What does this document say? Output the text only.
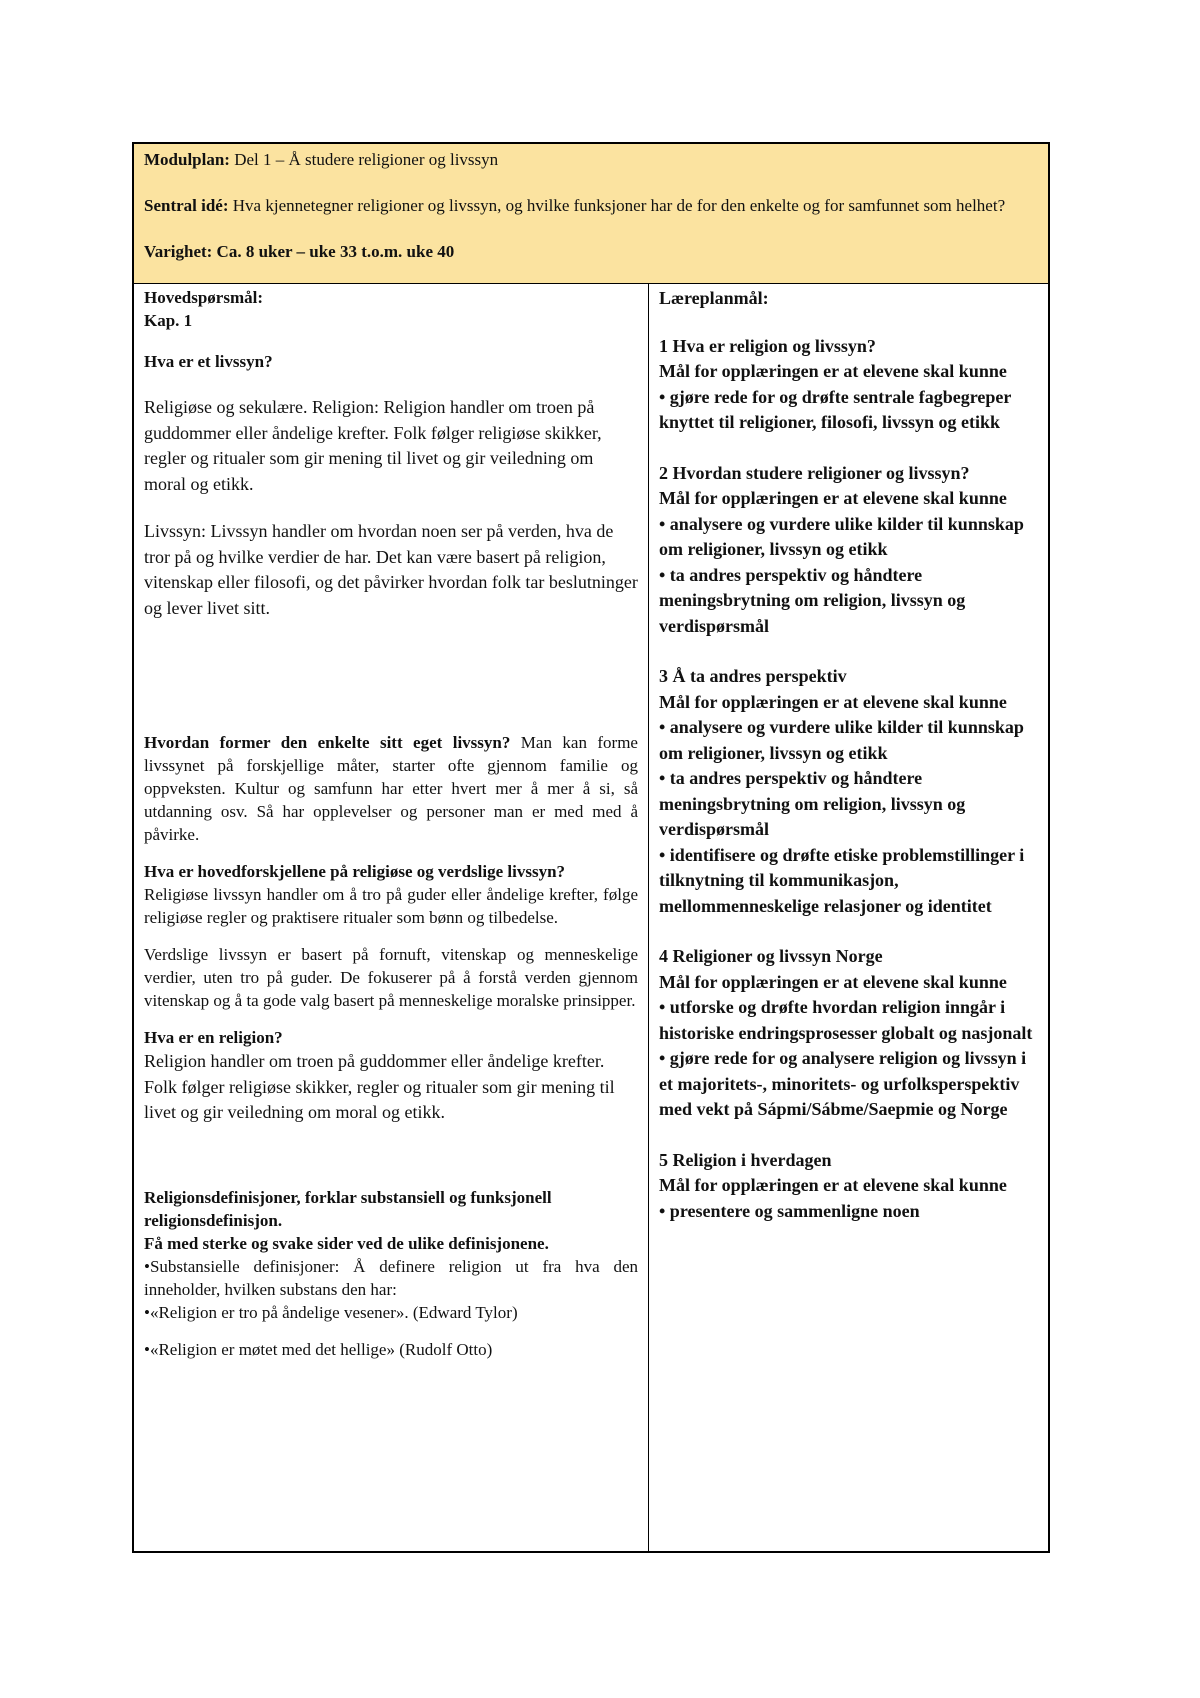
Modulplan: Del 1 – Å studere religioner og livssyn

Sentral idé: Hva kjennetegner religioner og livssyn, og hvilke funksjoner har de for den enkelte og for samfunnet som helhet?

Varighet: Ca. 8 uker – uke 33 t.o.m. uke 40

Hovedspørsmål:

Kap. 1

Hva er et livssyn?

Religiøse og sekulære. Religion: Religion handler om troen på guddommer eller åndelige krefter. Folk følger religiøse skikker, regler og ritualer som gir mening til livet og gir veiledning om moral og etikk.

Livssyn: Livssyn handler om hvordan noen ser på verden, hva de tror på og hvilke verdier de har. Det kan være basert på religion, vitenskap eller filosofi, og det påvirker hvordan folk tar beslutninger og lever livet sitt.

Hvordan former den enkelte sitt eget livssyn? Man kan forme livssynet på forskjellige måter, starter ofte gjennom familie og oppveksten. Kultur og samfunn har etter hvert mer å mer å si, så utdanning osv. Så har opplevelser og personer man er med med å påvirke.

Hva er hovedforskjellene på religiøse og verdslige livssyn?

Religiøse livssyn handler om å tro på guder eller åndelige krefter, følge religiøse regler og praktisere ritualer som bønn og tilbedelse.

Verdslige livssyn er basert på fornuft, vitenskap og menneskelige verdier, uten tro på guder. De fokuserer på å forstå verden gjennom vitenskap og å ta gode valg basert på menneskelige moralske prinsipper.

Hva er en religion?

Religion handler om troen på guddommer eller åndelige krefter. Folk følger religiøse skikker, regler og ritualer som gir mening til livet og gir veiledning om moral og etikk.

Religionsdefinisjoner, forklar substansiell og funksjonell religionsdefinisjon.

Få med sterke og svake sider ved de ulike definisjonene.

•Substansielle definisjoner: Å definere religion ut fra hva den inneholder, hvilken substans den har:

•«Religion er tro på åndelige vesener». (Edward Tylor)

•«Religion er møtet med det hellige» (Rudolf Otto)

Læreplanmål:

1 Hva er religion og livssyn?

Mål for opplæringen er at elevene skal kunne

• gjøre rede for og drøfte sentrale fagbegreper knyttet til religioner, filosofi, livssyn og etikk

2 Hvordan studere religioner og livssyn?

Mål for opplæringen er at elevene skal kunne

• analysere og vurdere ulike kilder til kunnskap om religioner, livssyn og etikk

• ta andres perspektiv og håndtere meningsbrytning om religion, livssyn og verdispørsmål

3 Å ta andres perspektiv

Mål for opplæringen er at elevene skal kunne

• analysere og vurdere ulike kilder til kunnskap om religioner, livssyn og etikk

• ta andres perspektiv og håndtere meningsbrytning om religion, livssyn og verdispørsmål

• identifisere og drøfte etiske problemstillinger i tilknytning til kommunikasjon, mellommenneskelige relasjoner og identitet

4 Religioner og livssyn Norge

Mål for opplæringen er at elevene skal kunne

• utforske og drøfte hvordan religion inngår i historiske endringsprosesser globalt og nasjonalt

• gjøre rede for og analysere religion og livssyn i et majoritets-, minoritets- og urfolksperspektiv med vekt på Sápmi/Sábme/Saepmie og Norge

5 Religion i hverdagen

Mål for opplæringen er at elevene skal kunne

• presentere og sammenligne noen
